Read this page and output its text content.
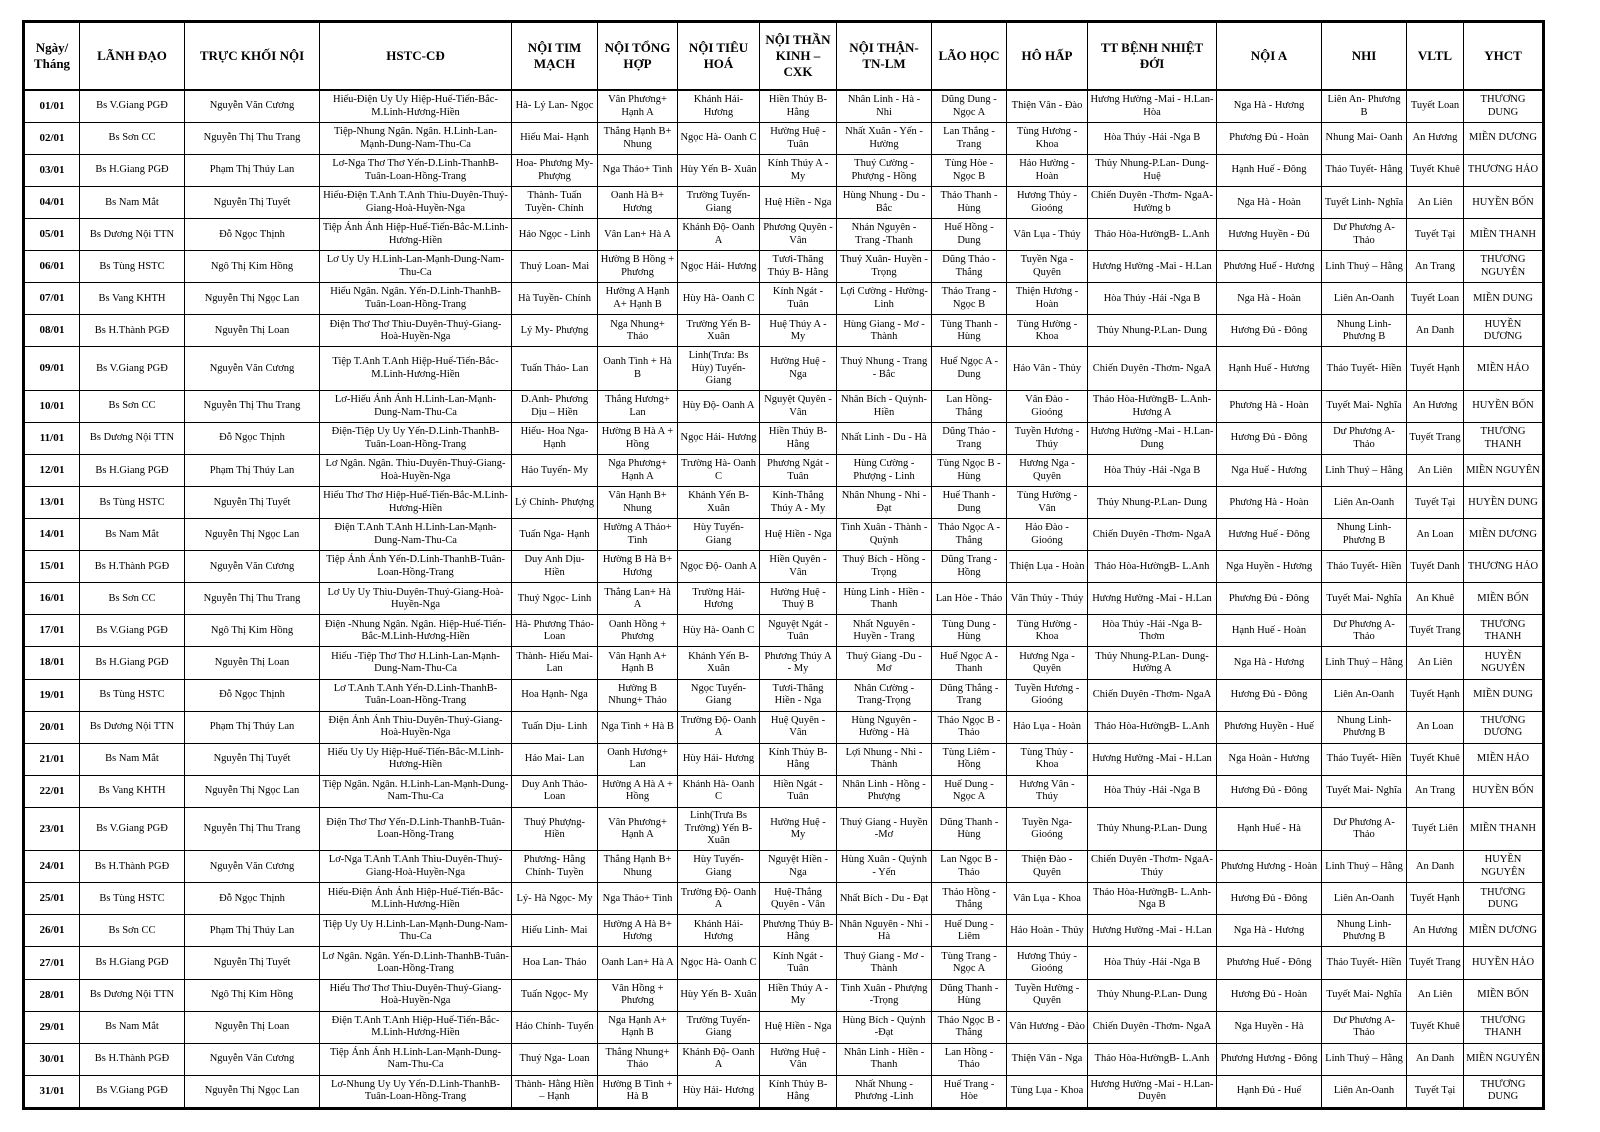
Ngày/ Tháng	LÃNH ĐẠO	TRỰC KHỐI NỘI	HSTC-CĐ	NỘI TIM MẠCH	NỘI TỔNG HỢP	NỘI TIÊU HOÁ	NỘI THẦN KINH – CXK	NỘI THẬN- TN-LM	LÃO HỌC	HÔ HẤP	TT BỆNH NHIỆT ĐỚI	NỘI A	NHI	VLTL	YHCT
01/01	Bs V.Giang PGĐ	Nguyễn Văn Cương	Hiếu-Điện Uy Uy Hiệp-Huế-Tiến-Bắc-M.Linh-Hương-Hiền	Hà- Lý Lan- Ngọc	Vân Phương+ Hạnh A	Khánh Hải- Hương	Hiền Thủy B- Hằng	Nhân Linh - Hà - Nhi	Dũng Dung - Ngọc A	Thiện Vân - Đào	Hương Hường -Mai - H.Lan-Hòa	Nga Hà - Hương	Liên An- Phương B	Tuyết Loan	THƯƠNG DUNG
02/01	Bs Sơn CC	Nguyễn Thị Thu Trang	Tiệp-Nhung Ngân. Ngân. H.Linh-Lan-Mạnh-Dung-Nam-Thu-Ca	Hiếu Mai- Hạnh	Thắng Hạnh B+ Nhung	Ngọc Hà- Oanh C	Hường Huệ - Tuân	Nhất Xuân - Yến -Hường	Lan Thắng - Trang	Tùng Hương - Khoa	Hòa Thúy -Hải -Nga B	Phương Đủ - Hoàn	Nhung Mai- Oanh	An Hương	MIỀN DƯƠNG
03/01	Bs H.Giang PGĐ	Phạm Thị Thúy Lan	Lơ-Nga Thơ Thơ Yến-D.Linh-ThanhB-Tuân-Loan-Hồng-Trang	Hoa- Phương My- Phượng	Nga Thảo+ Tình	Hùy Yến B- Xuân	Kính Thúy A - My	Thuý Cường - Phượng - Hồng	Tùng Hòe - Ngọc B	Hảo Hường - Hoàn	Thủy Nhung-P.Lan- Dung-Huệ	Hạnh Huế - Đông	Thảo Tuyết- Hằng	Tuyết Khuê	THƯƠNG HẢO
04/01	Bs Nam Mắt	Nguyễn Thị Tuyết	Hiếu-Điện T.Anh T.Anh Thìu-Duyên-Thuý-Giang-Hoà-Huyền-Nga	Thành- Tuấn Tuyền- Chính	Oanh Hà B+ Hương	Trường Tuyến- Giang	Huệ Hiền - Nga	Hùng Nhung - Du - Bắc	Thảo Thanh - Hùng	Hương Thủy - Gioóng	Chiến Duyên -Thơm- NgaA-Hường b	Nga Hà - Hoàn	Tuyết Linh- Nghĩa	An Liên	HUYỀN BỐN
05/01	Bs Dương Nội TTN	Đỗ Ngọc Thịnh	Tiệp Ánh Ánh Hiệp-Huế-Tiến-Bắc-M.Linh-Hương-Hiền	Hảo Ngọc - Linh	Vân Lan+ Hà A	Khánh Độ- Oanh A	Phương Quyên - Vân	Nhản Nguyên - Trang -Thanh	Huế Hồng - Dung	Vân Lụa - Thúy	Thảo Hòa-HườngB- L.Anh	Hương Huyền - Đủ	Dư Phương A- Thảo	Tuyết Tại	MIỀN THANH
06/01	Bs Tùng HSTC	Ngô Thị Kim Hồng	Lơ Uy Uy H.Linh-Lan-Mạnh-Dung-Nam-Thu-Ca	Thuý Loan- Mai	Hường B Hồng + Phương	Ngọc Hải- Hương	Tươi-Thăng Thúy B- Hằng	Thuý Xuân- Huyền - Trọng	Dũng Thảo - Thắng	Tuyền Nga - Quyên	Hương Hường -Mai - H.Lan	Phương Huế - Hương	Linh Thuý – Hằng	An Trang	THƯƠNG NGUYÊN
07/01	Bs Vang KHTH	Nguyễn Thị Ngọc Lan	Hiếu Ngân. Ngân. Yến-D.Linh-ThanhB-Tuân-Loan-Hồng-Trang	Hà Tuyền- Chính	Hường A Hạnh A+ Hạnh B	Hùy Hà- Oanh C	Kính Ngát - Tuân	Lợi Cường - Hường-Linh	Thảo Trang - Ngọc B	Thiện Hương - Hoàn	Hòa Thúy -Hải -Nga B	Nga Hà - Hoàn	Liên An-Oanh	Tuyết Loan	MIỀN DUNG
08/01	Bs H.Thành PGĐ	Nguyễn Thị Loan	Điện Thơ Thơ Thìu-Duyên-Thuý-Giang-Hoà-Huyền-Nga	Lý My- Phượng	Nga Nhung+ Thảo	Trường Yến B- Xuân	Huệ Thúy A - My	Hùng Giang - Mơ - Thành	Tùng Thanh - Hùng	Tùng Hường - Khoa	Thủy Nhung-P.Lan- Dung	Hương Đủ - Đông	Nhung Linh- Phương B	An Danh	HUYỀN DƯƠNG
09/01	Bs V.Giang PGĐ	Nguyễn Văn Cương	Tiệp T.Anh T.Anh Hiệp-Huế-Tiến-Bắc-M.Linh-Hương-Hiền	Tuấn Thảo- Lan	Oanh Tình + Hà B	Linh(Trưa: Bs Hùy) Tuyến-Giang	Hường Huệ - Nga	Thuý Nhung - Trang - Bắc	Huế Ngọc A - Dung	Hảo Vân - Thủy	Chiến Duyên -Thơm- NgaA	Hạnh Huế - Hương	Thảo Tuyết- Hiền	Tuyết Hạnh	MIỀN HẢO
10/01	Bs Sơn CC	Nguyễn Thị Thu Trang	Lơ-Hiếu Ánh Ánh H.Linh-Lan-Mạnh-Dung-Nam-Thu-Ca	D.Anh- Phương Dịu – Hiền	Thắng Hương+ Lan	Hùy Độ- Oanh A	Nguyệt Quyên - Vân	Nhân Bích - Quỳnh- Hiền	Lan Hồng- Thắng	Vân Đào - Gioóng	Thảo Hòa-HườngB- L.Anh-Hương A	Phương Hà - Hoàn	Tuyết Mai- Nghĩa	An Hương	HUYỀN BỐN
11/01	Bs Dương Nội TTN	Đỗ Ngọc Thịnh	Điện-Tiệp Uy Uy Yến-D.Linh-ThanhB-Tuân-Loan-Hồng-Trang	Hiếu- Hoa Nga- Hạnh	Hường B Hà A + Hồng	Ngọc Hải- Hương	Hiền Thúy B- Hằng	Nhất Linh - Du - Hà	Dũng Thảo - Trang	Tuyền Hương - Thúy	Hương Hường -Mai - H.Lan-Dung	Hương Đủ - Đông	Dư Phương A- Thảo	Tuyết Trang	THƯƠNG THANH
12/01	Bs H.Giang PGĐ	Phạm Thị Thúy Lan	Lơ Ngân. Ngân. Thìu-Duyên-Thuý-Giang-Hoà-Huyền-Nga	Hảo Tuyến- My	Nga Phương+ Hạnh A	Trường Hà- Oanh C	Phương Ngát - Tuân	Hùng Cường - Phượng - Linh	Tùng Ngọc B - Hùng	Hương Nga - Quyên	Hòa Thúy -Hải -Nga B	Nga Huế - Hương	Linh Thuý – Hằng	An Liên	MIỀN NGUYÊN
13/01	Bs Tùng HSTC	Nguyễn Thị Tuyết	Hiếu Thơ Thơ Hiệp-Huế-Tiến-Bắc-M.Linh-Hương-Hiền	Lý Chính- Phượng	Vân Hạnh B+ Nhung	Khánh Yến B- Xuân	Kính-Thắng Thúy A - My	Nhân Nhung - Nhi - Đạt	Huế Thanh - Dung	Tùng Hường - Vân	Thủy Nhung-P.Lan- Dung	Phương Hà - Hoàn	Liên An-Oanh	Tuyết Tại	HUYỀN DUNG
14/01	Bs Nam Mắt	Nguyễn Thị Ngọc Lan	Điện T.Anh T.Anh H.Linh-Lan-Mạnh-Dung-Nam-Thu-Ca	Tuấn Nga- Hạnh	Hường A Thảo+ Tình	Hùy Tuyến- Giang	Huệ Hiền - Nga	Tình Xuân - Thành -Quỳnh	Thảo Ngọc A - Thắng	Hảo Đào - Gioóng	Chiến Duyên -Thơm- NgaA	Hương Huế - Đông	Nhung Linh- Phương B	An Loan	MIỀN DƯƠNG
15/01	Bs H.Thành PGĐ	Nguyễn Văn Cương	Tiệp Ánh Ánh Yến-D.Linh-ThanhB-Tuân-Loan-Hồng-Trang	Duy Anh Dịu- Hiền	Hường B Hà B+ Hương	Ngọc Độ- Oanh A	Hiền Quyên - Vân	Thuý Bích - Hồng -Trọng	Dũng Trang - Hồng	Thiện Lụa - Hoàn	Thảo Hòa-HườngB- L.Anh	Nga Huyền - Hương	Thảo Tuyết- Hiền	Tuyết Danh	THƯƠNG HẢO
16/01	Bs Sơn CC	Nguyễn Thị Thu Trang	Lơ Uy Uy Thìu-Duyên-Thuý-Giang-Hoà-Huyền-Nga	Thuý Ngọc- Linh	Thắng Lan+ Hà A	Trường Hải- Hương	Hường Huệ - Thuý B	Hùng Linh - Hiền -Thanh	Lan Hòe - Thảo	Vân Thủy - Thúy	Hương Hường -Mai - H.Lan	Phương Đủ - Đông	Tuyết Mai- Nghĩa	An Khuê	MIỀN BỐN
17/01	Bs V.Giang PGĐ	Ngô Thị Kim Hồng	Điện -Nhung Ngân. Ngân. Hiệp-Huế-Tiến-Bắc-M.Linh-Hương-Hiền	Hà- Phương Thảo- Loan	Oanh Hồng + Phương	Hùy Hà- Oanh C	Nguyệt Ngát - Tuân	Nhất Nguyên - Huyền - Trang	Tùng Dung - Hùng	Tùng Hường - Khoa	Hòa Thúy -Hải -Nga B- Thơm	Hạnh Huế - Hoàn	Dư Phương A- Thảo	Tuyết Trang	THƯƠNG THANH
18/01	Bs H.Giang PGĐ	Nguyễn Thị Loan	Hiếu -Tiệp Thơ Thơ H.Linh-Lan-Mạnh-Dung-Nam-Thu-Ca	Thành- Hiếu Mai- Lan	Vân Hạnh A+ Hạnh B	Khánh Yến B- Xuân	Phương Thúy A - My	Thuý Giang -Du - Mơ	Huế Ngọc A - Thanh	Hương Nga - Quyên	Thủy Nhung-P.Lan- Dung- Hường A	Nga Hà - Hương	Linh Thuý – Hằng	An Liên	HUYỀN NGUYÊN
19/01	Bs Tùng HSTC	Đỗ Ngọc Thịnh	Lơ T.Anh T.Anh Yến-D.Linh-ThanhB-Tuân-Loan-Hồng-Trang	Hoa Hạnh- Nga	Hường B Nhung+ Thảo	Ngọc Tuyến- Giang	Tươi-Thăng Hiền - Nga	Nhân Cường - Trang-Trọng	Dũng Thắng - Trang	Tuyền Hương - Gioóng	Chiến Duyên -Thơm- NgaA	Hương Đủ - Đông	Liên An-Oanh	Tuyết Hạnh	MIỀN DUNG
20/01	Bs Dương Nội TTN	Phạm Thị Thúy Lan	Điện Ánh Ánh Thìu-Duyên-Thuý-Giang-Hoà-Huyền-Nga	Tuấn Dịu- Linh	Nga Tình + Hà B	Trường Độ- Oanh A	Huệ Quyên - Vân	Hùng Nguyên - Hường - Hà	Thảo Ngọc B - Thảo	Hảo Lụa - Hoàn	Thảo Hòa-HườngB- L.Anh	Phương Huyền - Huế	Nhung Linh- Phương B	An Loan	THƯƠNG DƯƠNG
21/01	Bs Nam Mắt	Nguyễn Thị Tuyết	Hiếu Uy Uy Hiệp-Huế-Tiến-Bắc-M.Linh-Hương-Hiền	Hảo Mai- Lan	Oanh Hương+ Lan	Hùy Hải- Hương	Kính Thủy B- Hằng	Lợi Nhung - Nhi - Thành	Tùng Liêm - Hồng	Tùng Thủy - Khoa	Hương Hường -Mai - H.Lan	Nga Hoàn - Hương	Thảo Tuyết- Hiền	Tuyết Khuê	MIỀN HẢO
22/01	Bs Vang KHTH	Nguyễn Thị Ngọc Lan	Tiệp Ngân. Ngân. H.Linh-Lan-Mạnh-Dung-Nam-Thu-Ca	Duy Anh Thảo- Loan	Hường A Hà A + Hồng	Khánh Hà- Oanh C	Hiền Ngát - Tuân	Nhân Linh - Hồng - Phượng	Huế Dung - Ngọc A	Hương Vân - Thúy	Hòa Thúy -Hải -Nga B	Hương Đủ - Đông	Tuyết Mai- Nghĩa	An Trang	HUYỀN BỐN
23/01	Bs V.Giang PGĐ	Nguyễn Thị Thu Trang	Điện Thơ Thơ Yến-D.Linh-ThanhB-Tuân-Loan-Hồng-Trang	Thuý Phượng- Hiền	Vân Phương+ Hạnh A	Linh(Trưa Bs Trường) Yến B- Xuân	Hường Huệ - My	Thuý Giang - Huyền -Mơ	Dũng Thanh - Hùng	Tuyền Nga- Gioóng	Thủy Nhung-P.Lan- Dung	Hạnh Huế - Hà	Dư Phương A- Thảo	Tuyết Liên	MIỀN THANH
24/01	Bs H.Thành PGĐ	Nguyễn Văn Cương	Lơ-Nga T.Anh T.Anh Thìu-Duyên-Thuý-Giang-Hoà-Huyền-Nga	Phương- Hằng Chính- Tuyền	Thắng Hạnh B+ Nhung	Hùy Tuyến- Giang	Nguyệt Hiền - Nga	Hùng Xuân - Quỳnh - Yến	Lan Ngọc B - Thảo	Thiện Đào - Quyên	Chiến Duyên -Thơm- NgaA-Thúy	Phương Hương - Hoàn	Linh Thuý – Hằng	An Danh	HUYỀN NGUYÊN
25/01	Bs Tùng HSTC	Đỗ Ngọc Thịnh	Hiếu-Điện Ánh Ánh Hiệp-Huế-Tiến-Bắc-M.Linh-Hương-Hiền	Lý- Hà Ngọc- My	Nga Thảo+ Tình	Trường Độ- Oanh A	Huệ-Thắng Quyên - Vân	Nhất Bích - Du - Đạt	Thảo Hồng - Thắng	Vân Lụa - Khoa	Thảo Hòa-HườngB- L.Anh-Nga B	Hương Đủ - Đông	Liên An-Oanh	Tuyết Hạnh	THƯƠNG DUNG
26/01	Bs Sơn CC	Phạm Thị Thúy Lan	Tiệp Uy Uy H.Linh-Lan-Mạnh-Dung-Nam-Thu-Ca	Hiếu Linh- Mai	Hường A Hà B+ Hương	Khánh Hải- Hương	Phương Thúy B- Hằng	Nhân Nguyên - Nhi - Hà	Huế Dung - Liêm	Hảo Hoàn - Thủy	Hương Hường -Mai - H.Lan	Nga Hà - Hương	Nhung Linh- Phương B	An Hương	MIỀN DƯƠNG
27/01	Bs H.Giang PGĐ	Nguyễn Thị Tuyết	Lơ Ngân. Ngân. Yến-D.Linh-ThanhB-Tuân-Loan-Hồng-Trang	Hoa Lan- Thảo	Oanh Lan+ Hà A	Ngọc Hà- Oanh C	Kính Ngát - Tuân	Thuý Giang - Mơ - Thành	Tùng Trang - Ngọc A	Hương Thúy - Gioóng	Hòa Thúy -Hải -Nga B	Phương Huế - Đông	Thảo Tuyết- Hiền	Tuyết Trang	HUYỀN HẢO
28/01	Bs Dương Nội TTN	Ngô Thị Kim Hồng	Hiếu Thơ Thơ Thìu-Duyên-Thuý-Giang-Hoà-Huyền-Nga	Tuấn Ngọc- My	Vân Hồng + Phương	Hùy Yến B- Xuân	Hiền Thúy A - My	Tình Xuân - Phượng -Trọng	Dũng Thanh - Hùng	Tuyền Hường - Quyên	Thủy Nhung-P.Lan- Dung	Hương Đủ - Hoàn	Tuyết Mai- Nghĩa	An Liên	MIỀN BỐN
29/01	Bs Nam Mắt	Nguyễn Thị Loan	Điện T.Anh T.Anh Hiệp-Huế-Tiến-Bắc-M.Linh-Hương-Hiền	Hảo Chính- Tuyến	Nga Hạnh A+ Hạnh B	Trường Tuyến- Giang	Huệ Hiền - Nga	Hùng Bích - Quỳnh -Đạt	Thảo Ngọc B - Thắng	Vân Hương - Đào	Chiến Duyên -Thơm- NgaA	Nga Huyền - Hà	Dư Phương A- Thảo	Tuyết Khuê	THƯƠNG THANH
30/01	Bs H.Thành PGĐ	Nguyễn Văn Cương	Tiệp Ánh Ánh H.Linh-Lan-Mạnh-Dung-Nam-Thu-Ca	Thuý Nga- Loan	Thắng Nhung+ Thảo	Khánh Độ- Oanh A	Hường Huệ - Vân	Nhân Linh - Hiền -Thanh	Lan Hồng - Thảo	Thiện Vân - Nga	Thảo Hòa-HườngB- L.Anh	Phương Hương - Đông	Linh Thuý – Hằng	An Danh	MIỀN NGUYÊN
31/01	Bs V.Giang PGĐ	Nguyễn Thị Ngọc Lan	Lơ-Nhung Uy Uy Yến-D.Linh-ThanhB-Tuân-Loan-Hồng-Trang	Thành- Hằng Hiền – Hạnh	Hường B Tình + Hà B	Hùy Hải- Hương	Kính Thủy B- Hằng	Nhất Nhung - Phương -Linh	Huế Trang - Hòe	Tùng Lụa - Khoa	Hương Hường -Mai - H.Lan-Duyên	Hạnh Đủ - Huế	Liên An-Oanh	Tuyết Tại	THƯƠNG DUNG
